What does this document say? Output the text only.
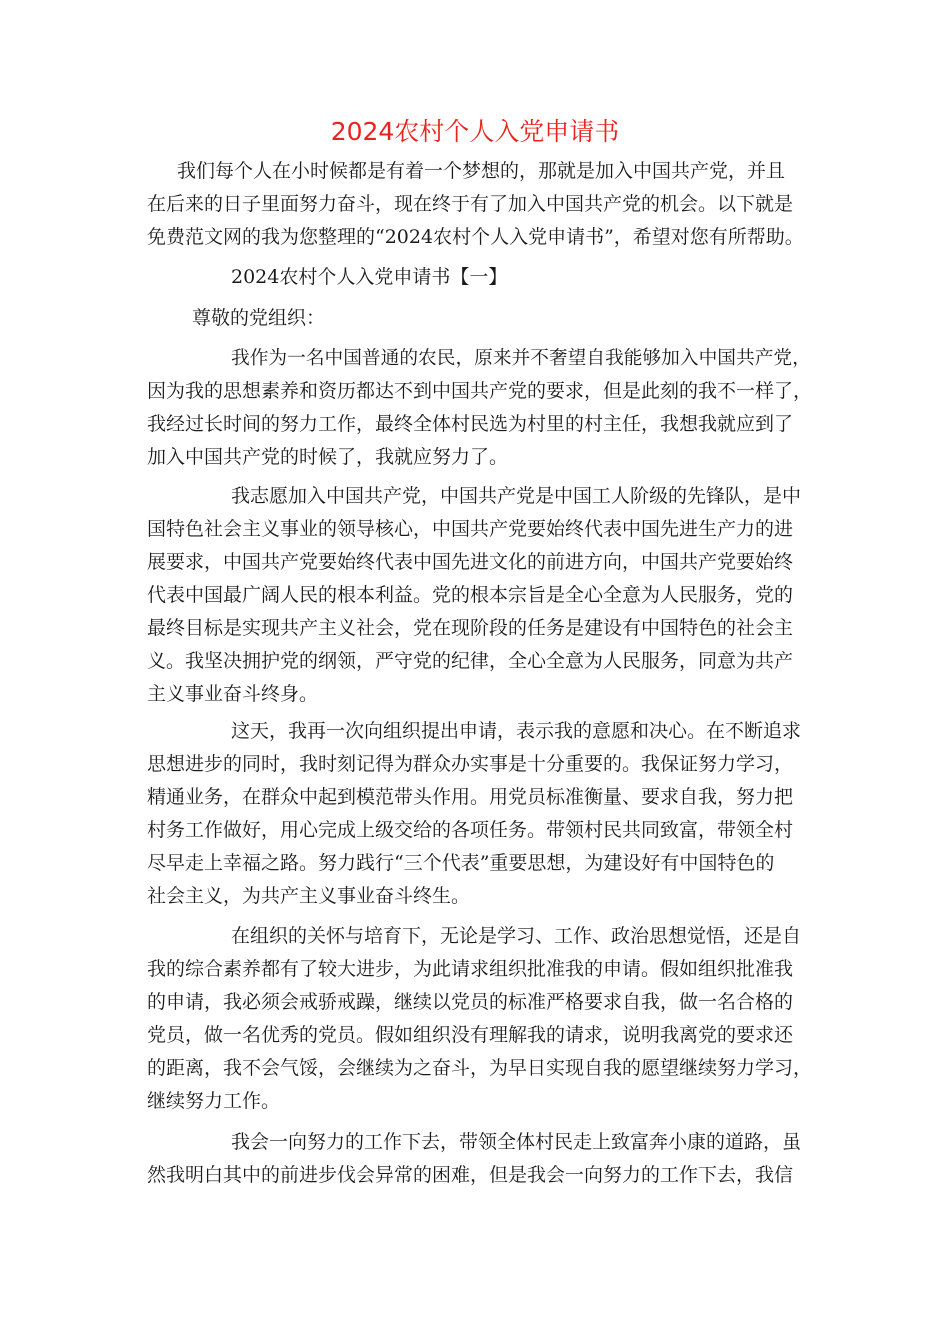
2024农村个人入党申请书
我们每个人在小时候都是有着一个梦想的，那就是加入中国共产党，并且
在后来的日子里面努力奋斗，现在终于有了加入中国共产党的机会。以下就是
免费范文网的我为您整理的“2024农村个人入党申请书”，希望对您有所帮助。
2024农村个人入党申请书【一】
尊敬的党组织：
我作为一名中国普通的农民，原来并不奢望自我能够加入中国共产党，
因为我的思想素养和资历都达不到中国共产党的要求，但是此刻的我不一样了，
我经过长时间的努力工作，最终全体村民选为村里的村主任，我想我就应到了
加入中国共产党的时候了，我就应努力了。
我志愿加入中国共产党，中国共产党是中国工人阶级的先锋队，是中
国特色社会主义事业的领导核心，中国共产党要始终代表中国先进生产力的进
展要求，中国共产党要始终代表中国先进文化的前进方向，中国共产党要始终
代表中国最广阔人民的根本利益。党的根本宗旨是全心全意为人民服务，党的
最终目标是实现共产主义社会，党在现阶段的任务是建设有中国特色的社会主
义。我坚决拥护党的纲领，严守党的纪律，全心全意为人民服务，同意为共产
主义事业奋斗终身。
这天，我再一次向组织提出申请，表示我的意愿和决心。在不断追求
思想进步的同时，我时刻记得为群众办实事是十分重要的。我保证努力学习，
精通业务，在群众中起到模范带头作用。用党员标准衡量、要求自我，努力把
村务工作做好，用心完成上级交给的各项任务。带领村民共同致富，带领全村
尽早走上幸福之路。努力践行“三个代表”重要思想，为建设好有中国特色的
社会主义，为共产主义事业奋斗终生。
在组织的关怀与培育下，无论是学习、工作、政治思想觉悟，还是自
我的综合素养都有了较大进步，为此请求组织批准我的申请。假如组织批准我
的申请，我必须会戒骄戒躁，继续以党员的标准严格要求自我，做一名合格的
党员，做一名优秀的党员。假如组织没有理解我的请求，说明我离党的要求还
的距离，我不会气馁，会继续为之奋斗，为早日实现自我的愿望继续努力学习，
继续努力工作。
我会一向努力的工作下去，带领全体村民走上致富奔小康的道路，虽
然我明白其中的前进步伐会异常的困难，但是我会一向努力的工作下去，我信
